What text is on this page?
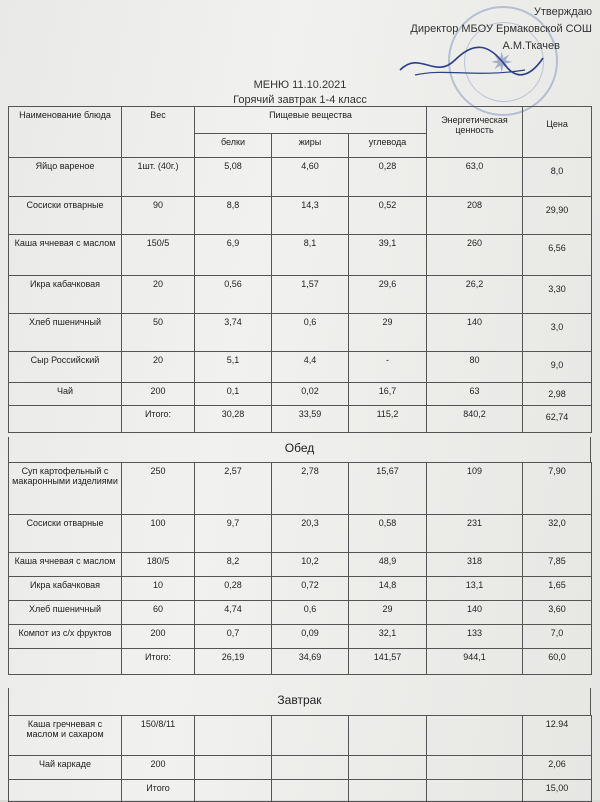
✷
Утверждаю
Директор МБОУ Ермаковской СОШ
А.М.Ткачев
МЕНЮ 11.10.2021
Горячий завтрак 1-4 класс
Наименование блюда	Вес	Пищевые вещества			Энергетическая ценность	Цена
		белки	жиры	углевода		
Яйцо вареное	1шт. (40г.)	5,08	4,60	0,28	63,0	8,0
Сосиски отварные	90	8,8	14,3	0,52	208	29,90
Каша ячневая с маслом	150/5	6,9	8,1	39,1	260	6,56
Икра кабачковая	20	0,56	1,57	29,6	26,2	3,30
Хлеб пшеничный	50	3,74	0,6	29	140	3,0
Сыр Российский	20	5,1	4,4	-	80	9,0
Чай	200	0,1	0,02	16,7	63	2,98
	Итого:	30,28	33,59	115,2	840,2	62,74
Обед
Суп картофельный с макаронными изделиями	250	2,57	2,78	15,67	109	7,90
Сосиски отварные	100	9,7	20,3	0,58	231	32,0
Каша ячневая с маслом	180/5	8,2	10,2	48,9	318	7,85
Икра кабачковая	10	0,28	0,72	14,8	13,1	1,65
Хлеб пшеничный	60	4,74	0,6	29	140	3,60
Компот из с/х фруктов	200	0,7	0,09	32,1	133	7,0
	Итого:	26,19	34,69	141,57	944,1	60,0
Завтрак
Каша гречневая с маслом и сахаром	150/8/11					12.94
Чай каркаде	200					2,06
	Итого					15,00
